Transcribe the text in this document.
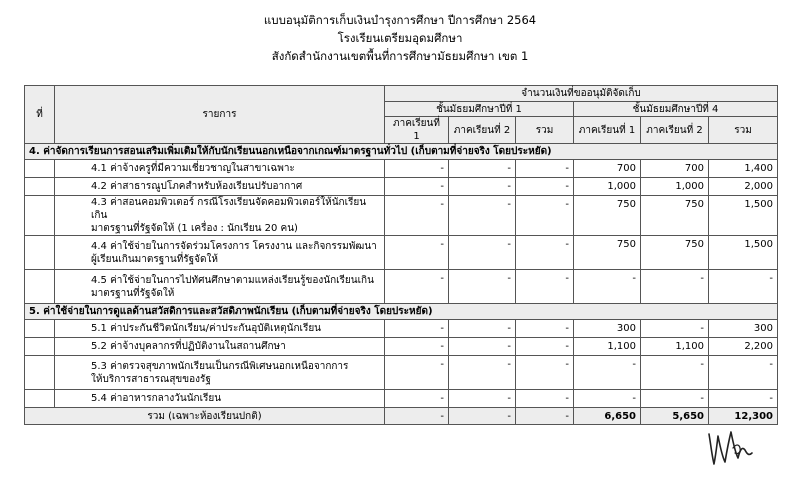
แบบอนุมัติการเก็บเงินบำรุงการศึกษา ปีการศึกษา 2564
โรงเรียนเตรียมอุดมศึกษา
สังกัดสำนักงานเขตพื้นที่การศึกษามัธยมศึกษา เขต 1
ที่	รายการ	จำนวนเงินที่ขออนุมัติจัดเก็บ					
		ชั้นมัธยมศึกษาปีที่ 1			ชั้นมัธยมศึกษาปีที่ 4		
		ภาคเรียนที่ 1	ภาคเรียนที่ 2	รวม	ภาคเรียนที่ 1	ภาคเรียนที่ 2	รวม
4. ค่าจัดการเรียนการสอนเสริมเพิ่มเติมให้กับนักเรียนนอกเหนือจากเกณฑ์มาตรฐานทั่วไป (เก็บตามที่จ่ายจริง โดยประหยัด)							

	4.1 ค่าจ้างครูที่มีความเชี่ยวชาญในสาขาเฉพาะ	-	-	-	700	700	1,400

	4.2 ค่าสาธารณูปโภคสำหรับห้องเรียนปรับอากาศ	-	-	-	1,000	1,000	2,000

	4.3 ค่าสอนคอมพิวเตอร์ กรณีโรงเรียนจัดคอมพิวเตอร์ให้นักเรียนเกิน
มาตรฐานที่รัฐจัดให้ (1 เครื่อง : นักเรียน 20 คน)	-	-	-	750	750	1,500

	4.4 ค่าใช้จ่ายในการจัดร่วมโครงการ โครงงาน และกิจกรรมพัฒนา
ผู้เรียนเกินมาตรฐานที่รัฐจัดให้	-	-	-	750	750	1,500

	4.5 ค่าใช้จ่ายในการไปทัศนศึกษาตามแหล่งเรียนรู้ของนักเรียนเกิน
มาตรฐานที่รัฐจัดให้	-	-	-	-	-	-
5. ค่าใช้จ่ายในการดูแลด้านสวัสดิการและสวัสดิภาพนักเรียน (เก็บตามที่จ่ายจริง โดยประหยัด)							

	5.1 ค่าประกันชีวิตนักเรียน/ค่าประกันอุบัติเหตุนักเรียน	-	-	-	300	-	300

	5.2 ค่าจ้างบุคลากรที่ปฏิบัติงานในสถานศึกษา	-	-	-	1,100	1,100	2,200

	5.3 ค่าตรวจสุขภาพนักเรียนเป็นกรณีพิเศษนอกเหนือจากการ
ให้บริการสาธารณสุขของรัฐ	-	-	-	-	-	-

	5.4 ค่าอาหารกลางวันนักเรียน	-	-	-	-	-	-
รวม (เฉพาะห้องเรียนปกติ)		-	-	-	6,650	5,650	12,300
